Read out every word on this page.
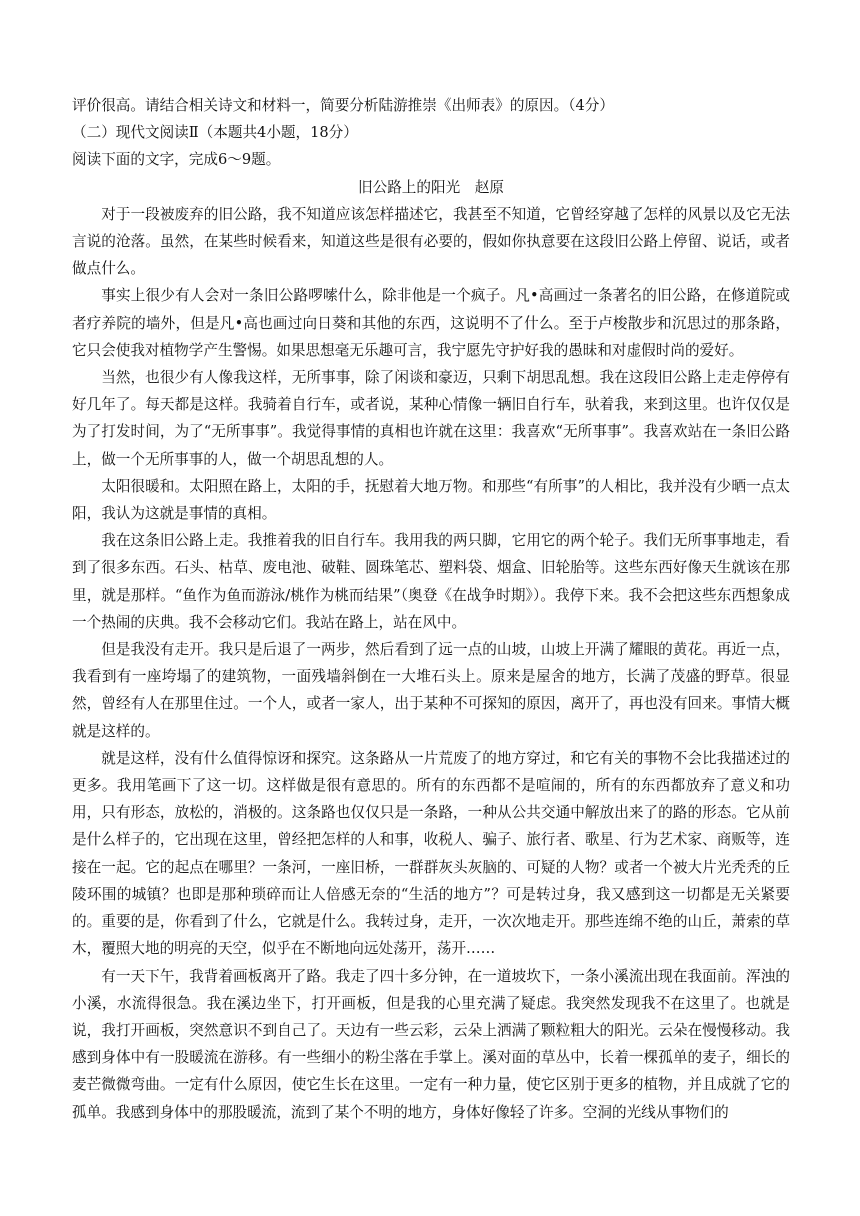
评价很高。请结合相关诗文和材料一，简要分析陆游推崇《出师表》的原因。（4分）

（二）现代文阅读Ⅱ（本题共4小题，18分）

阅读下面的文字，完成6～9题。

旧公路上的阳光 赵原

对于一段被废弃的旧公路，我不知道应该怎样描述它，我甚至不知道，它曾经穿越了怎样的风景以及它无法言说的沧落。虽然，在某些时候看来，知道这些是很有必要的，假如你执意要在这段旧公路上停留、说话，或者做点什么。

事实上很少有人会对一条旧公路啰嗦什么，除非他是一个疯子。凡•高画过一条著名的旧公路，在修道院或者疗养院的墙外，但是凡•高也画过向日葵和其他的东西，这说明不了什么。至于卢梭散步和沉思过的那条路，它只会使我对植物学产生警惕。如果思想毫无乐趣可言，我宁愿先守护好我的愚昧和对虚假时尚的爱好。

当然，也很少有人像我这样，无所事事，除了闲谈和豪迈，只剩下胡思乱想。我在这段旧公路上走走停停有好几年了。每天都是这样。我骑着自行车，或者说，某种心情像一辆旧自行车，驮着我，来到这里。也许仅仅是为了打发时间，为了“无所事事”。我觉得事情的真相也许就在这里：我喜欢“无所事事”。我喜欢站在一条旧公路上，做一个无所事事的人，做一个胡思乱想的人。

太阳很暖和。太阳照在路上，太阳的手，抚慰着大地万物。和那些“有所事”的人相比，我并没有少晒一点太阳，我认为这就是事情的真相。

我在这条旧公路上走。我推着我的旧自行车。我用我的两只脚，它用它的两个轮子。我们无所事事地走，看到了很多东西。石头、枯草、废电池、破鞋、圆珠笔芯、塑料袋、烟盒、旧轮胎等。这些东西好像天生就该在那里，就是那样。“鱼作为鱼而游泳/桃作为桃而结果”（奥登《在战争时期》）。我停下来。我不会把这些东西想象成一个热闹的庆典。我不会移动它们。我站在路上，站在风中。

但是我没有走开。我只是后退了一两步，然后看到了远一点的山坡，山坡上开满了耀眼的黄花。再近一点，我看到有一座垮塌了的建筑物，一面残墙斜倒在一大堆石头上。原来是屋舍的地方，长满了茂盛的野草。很显然，曾经有人在那里住过。一个人，或者一家人，出于某种不可探知的原因，离开了，再也没有回来。事情大概就是这样的。

就是这样，没有什么值得惊讶和探究。这条路从一片荒废了的地方穿过，和它有关的事物不会比我描述过的更多。我用笔画下了这一切。这样做是很有意思的。所有的东西都不是喧闹的，所有的东西都放弃了意义和功用，只有形态，放松的，消极的。这条路也仅仅只是一条路，一种从公共交通中解放出来了的路的形态。它从前是什么样子的，它出现在这里，曾经把怎样的人和事，收税人、骗子、旅行者、歌星、行为艺术家、商贩等，连接在一起。它的起点在哪里？一条河，一座旧桥，一群群灰头灰脑的、可疑的人物？或者一个被大片光秃秃的丘陵环围的城镇？也即是那种琐碎而让人倍感无奈的“生活的地方”？可是转过身，我又感到这一切都是无关紧要的。重要的是，你看到了什么，它就是什么。我转过身，走开，一次次地走开。那些连绵不绝的山丘，萧索的草木，覆照大地的明亮的天空，似乎在不断地向远处荡开，荡开……

有一天下午，我背着画板离开了路。我走了四十多分钟，在一道坡坎下，一条小溪流出现在我面前。浑浊的小溪，水流得很急。我在溪边坐下，打开画板，但是我的心里充满了疑虑。我突然发现我不在这里了。也就是说，我打开画板，突然意识不到自己了。天边有一些云彩，云朵上洒满了颗粒粗大的阳光。云朵在慢慢移动。我感到身体中有一股暖流在游移。有一些细小的粉尘落在手掌上。溪对面的草丛中，长着一棵孤单的麦子，细长的麦芒微微弯曲。一定有什么原因，使它生长在这里。一定有一种力量，使它区别于更多的植物，并且成就了它的孤单。我感到身体中的那股暖流，流到了某个不明的地方，身体好像轻了许多。空洞的光线从事物们的
